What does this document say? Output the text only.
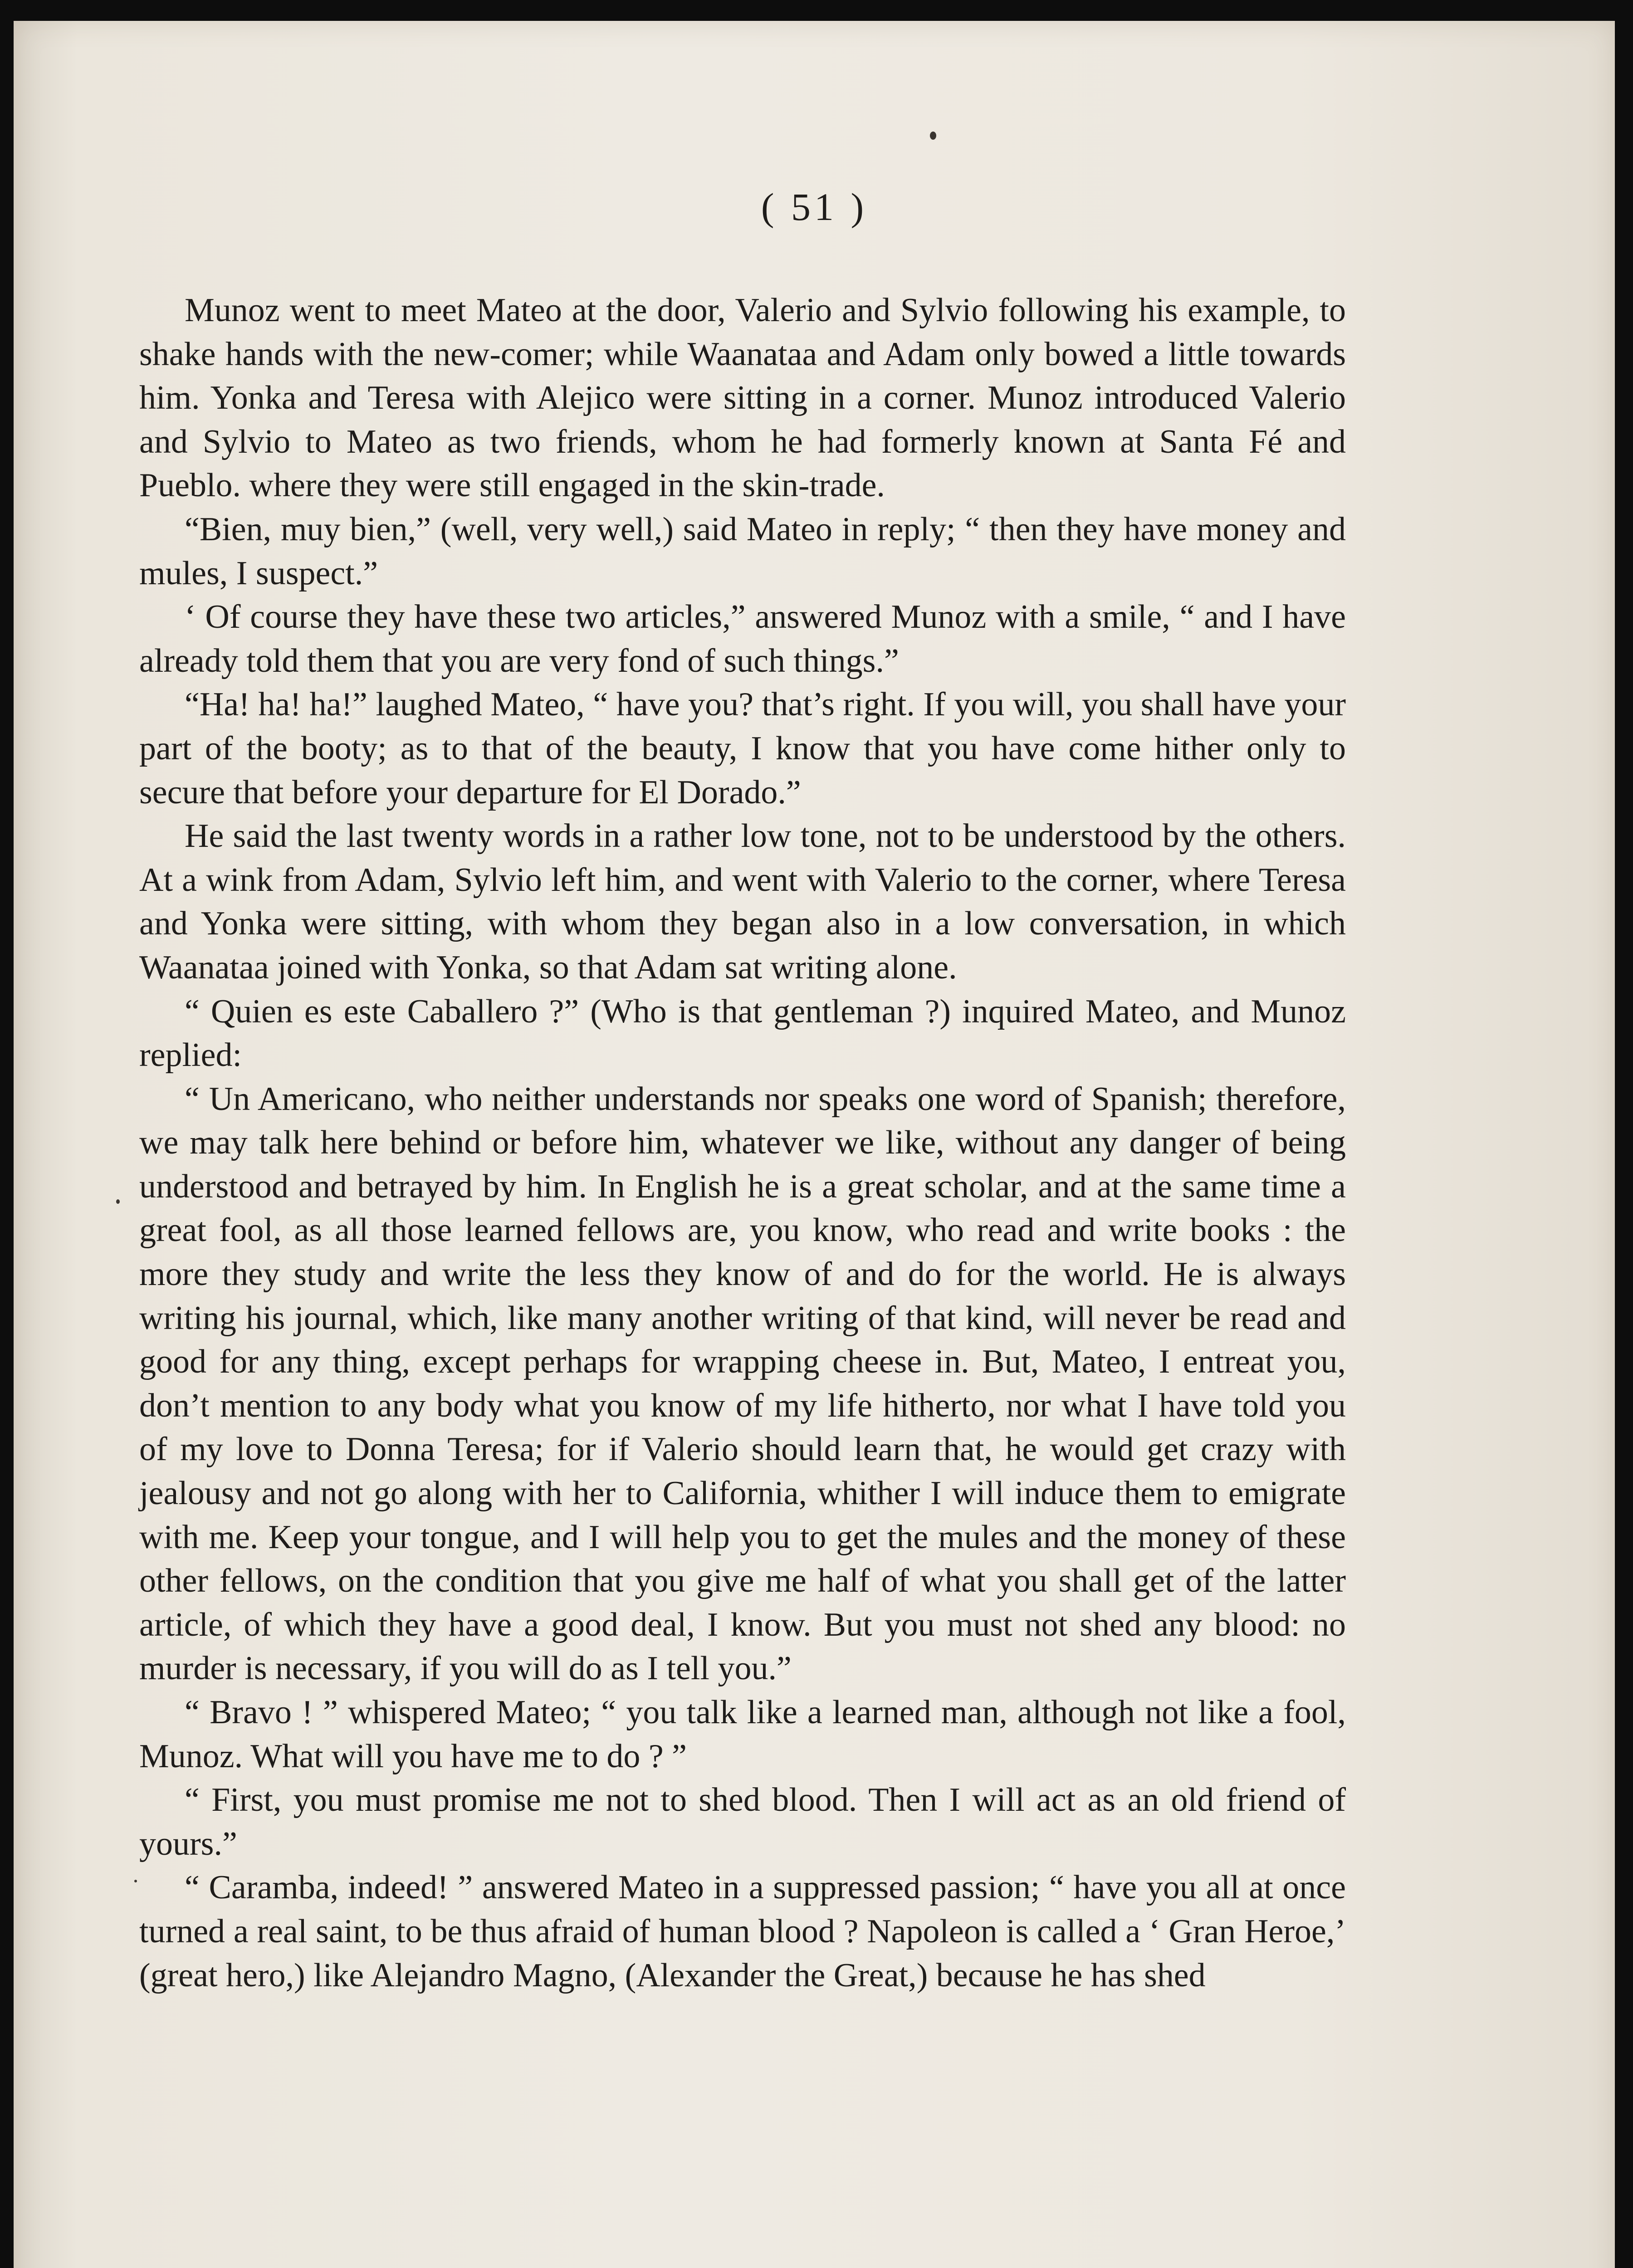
( 51 )

Munoz went to meet Mateo at the door, Valerio and Sylvio following his example, to shake hands with the new-comer; while Waanataa and Adam only bowed a little towards him. Yonka and Teresa with Alejico were sitting in a corner. Munoz introduced Valerio and Sylvio to Mateo as two friends, whom he had formerly known at Santa Fé and Pueblo. where they were still engaged in the skin-trade.

“Bien, muy bien,” (well, very well,) said Mateo in reply; “ then they have money and mules, I suspect.”

‘ Of course they have these two articles,” answered Munoz with a smile, “ and I have already told them that you are very fond of such things.”

“Ha! ha! ha!” laughed Mateo, “ have you? that’s right. If you will, you shall have your part of the booty; as to that of the beauty, I know that you have come hither only to secure that before your departure for El Dorado.”

He said the last twenty words in a rather low tone, not to be understood by the others. At a wink from Adam, Sylvio left him, and went with Valerio to the corner, where Teresa and Yonka were sitting, with whom they began also in a low conversation, in which Waanataa joined with Yonka, so that Adam sat writing alone.

“ Quien es este Caballero ?” (Who is that gentleman ?) inquired Mateo, and Munoz replied:

“ Un Americano, who neither understands nor speaks one word of Spanish; therefore, we may talk here behind or before him, whatever we like, without any danger of being understood and betrayed by him. In English he is a great scholar, and at the same time a great fool, as all those learned fellows are, you know, who read and write books : the more they study and write the less they know of and do for the world. He is always writing his journal, which, like many another writing of that kind, will never be read and good for any thing, except perhaps for wrapping cheese in. But, Mateo, I entreat you, don’t mention to any body what you know of my life hitherto, nor what I have told you of my love to Donna Teresa; for if Valerio should learn that, he would get crazy with jealousy and not go along with her to California, whither I will induce them to emigrate with me. Keep your tongue, and I will help you to get the mules and the money of these other fellows, on the condition that you give me half of what you shall get of the latter article, of which they have a good deal, I know. But you must not shed any blood: no murder is necessary, if you will do as I tell you.”

“ Bravo ! ” whispered Mateo; “ you talk like a learned man, although not like a fool, Munoz. What will you have me to do ? ”

“ First, you must promise me not to shed blood. Then I will act as an old friend of yours.”

“ Caramba, indeed! ” answered Mateo in a suppressed passion; “ have you all at once turned a real saint, to be thus afraid of human blood ? Napoleon is called a ‘ Gran Heroe,’ (great hero,) like Alejandro Magno, (Alexander the Great,) because he has shed
